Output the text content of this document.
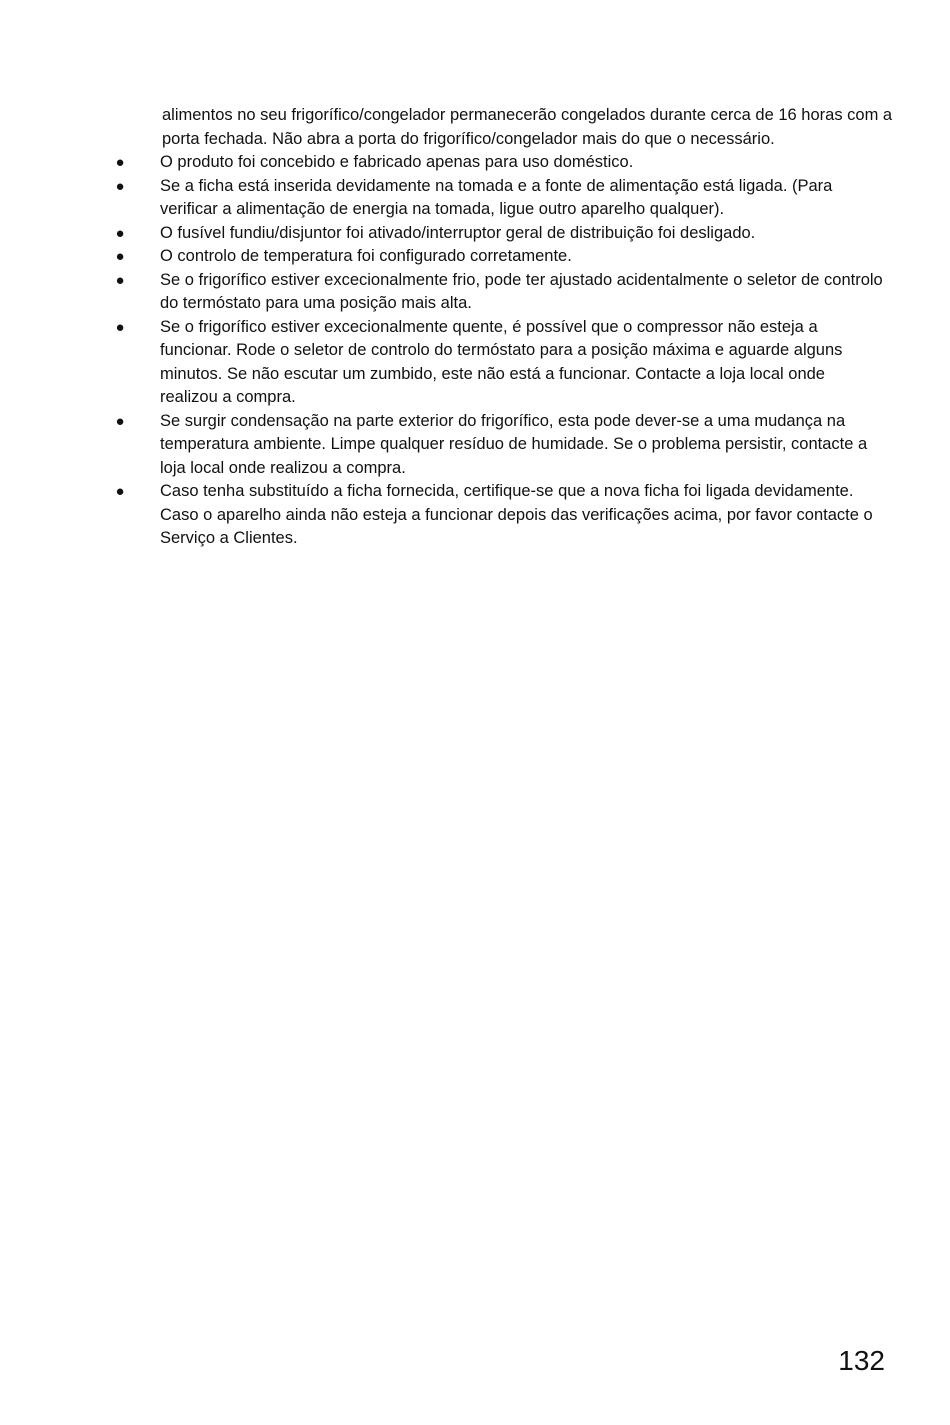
alimentos no seu frigorífico/congelador permanecerão congelados durante cerca de 16 horas com a porta fechada. Não abra a porta do frigorífico/congelador mais do que o necessário.

● O produto foi concebido e fabricado apenas para uso doméstico.
● Se a ficha está inserida devidamente na tomada e a fonte de alimentação está ligada. (Para verificar a alimentação de energia na tomada, ligue outro aparelho qualquer).
● O fusível fundiu/disjuntor foi ativado/interruptor geral de distribuição foi desligado.
● O controlo de temperatura foi configurado corretamente.
● Se o frigorífico estiver excecionalmente frio, pode ter ajustado acidentalmente o seletor de controlo do termóstato para uma posição mais alta.
● Se o frigorífico estiver excecionalmente quente, é possível que o compressor não esteja a funcionar. Rode o seletor de controlo do termóstato para a posição máxima e aguarde alguns minutos. Se não escutar um zumbido, este não está a funcionar. Contacte a loja local onde realizou a compra.
● Se surgir condensação na parte exterior do frigorífico, esta pode dever-se a uma mudança na temperatura ambiente. Limpe qualquer resíduo de humidade. Se o problema persistir, contacte a loja local onde realizou a compra.
● Caso tenha substituído a ficha fornecida, certifique-se que a nova ficha foi ligada devidamente. Caso o aparelho ainda não esteja a funcionar depois das verificações acima, por favor contacte o Serviço a Clientes.
132
